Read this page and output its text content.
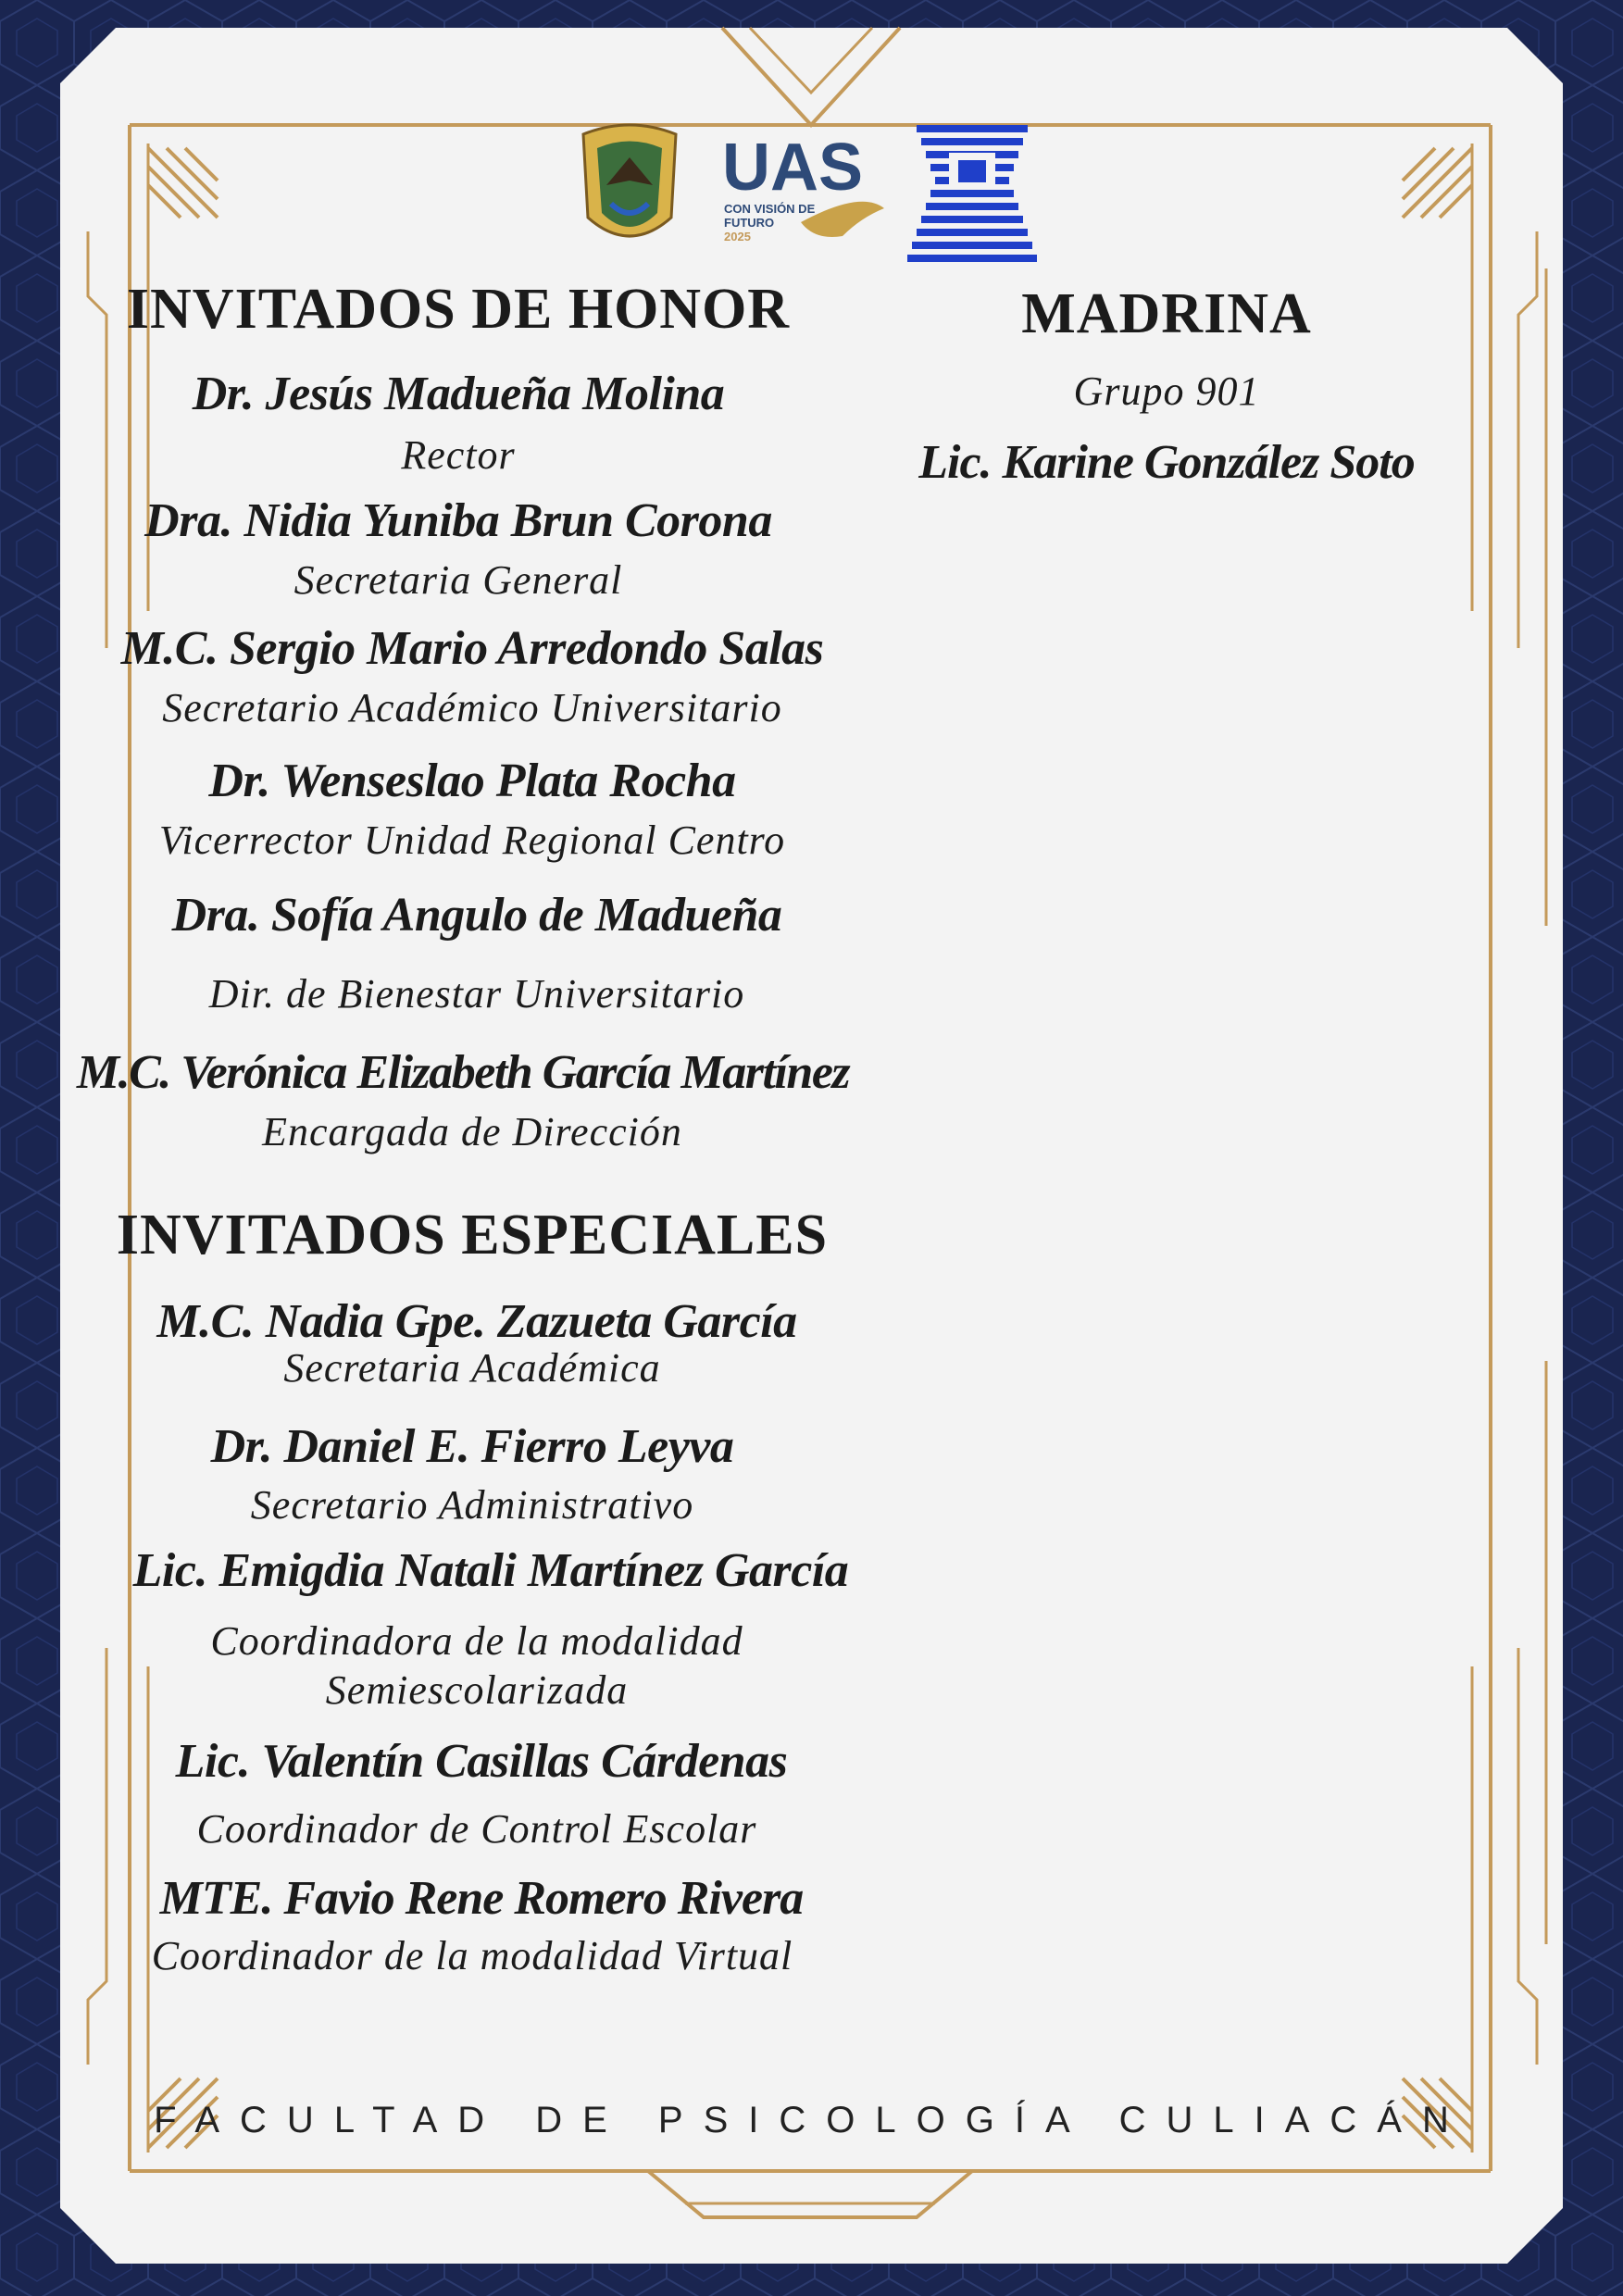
UAS
CON VISIÓN DE
FUTURO
2025
INVITADOS DE HONOR

Dr. Jesús Madueña Molina

Rector

Dra. Nidia Yuniba Brun Corona

Secretaria General

M.C. Sergio Mario Arredondo Salas

Secretario Académico Universitario

Dr. Wenseslao Plata Rocha

Vicerrector Unidad Regional Centro

Dra. Sofía Angulo de Madueña

Dir. de Bienestar Universitario

M.C. Verónica Elizabeth García Martínez

Encargada de Dirección

INVITADOS ESPECIALES

M.C. Nadia Gpe. Zazueta García

Secretaria Académica

Dr. Daniel E. Fierro Leyva

Secretario Administrativo

Lic. Emigdia Natali Martínez García

Coordinadora de la modalidad

Semiescolarizada

Lic. Valentín Casillas Cárdenas

Coordinador de Control Escolar

MTE. Favio Rene Romero Rivera

Coordinador de la modalidad Virtual

MADRINA

Grupo 901

Lic. Karine González Soto

FACULTAD DE PSICOLOGÍA CULIACÁN
